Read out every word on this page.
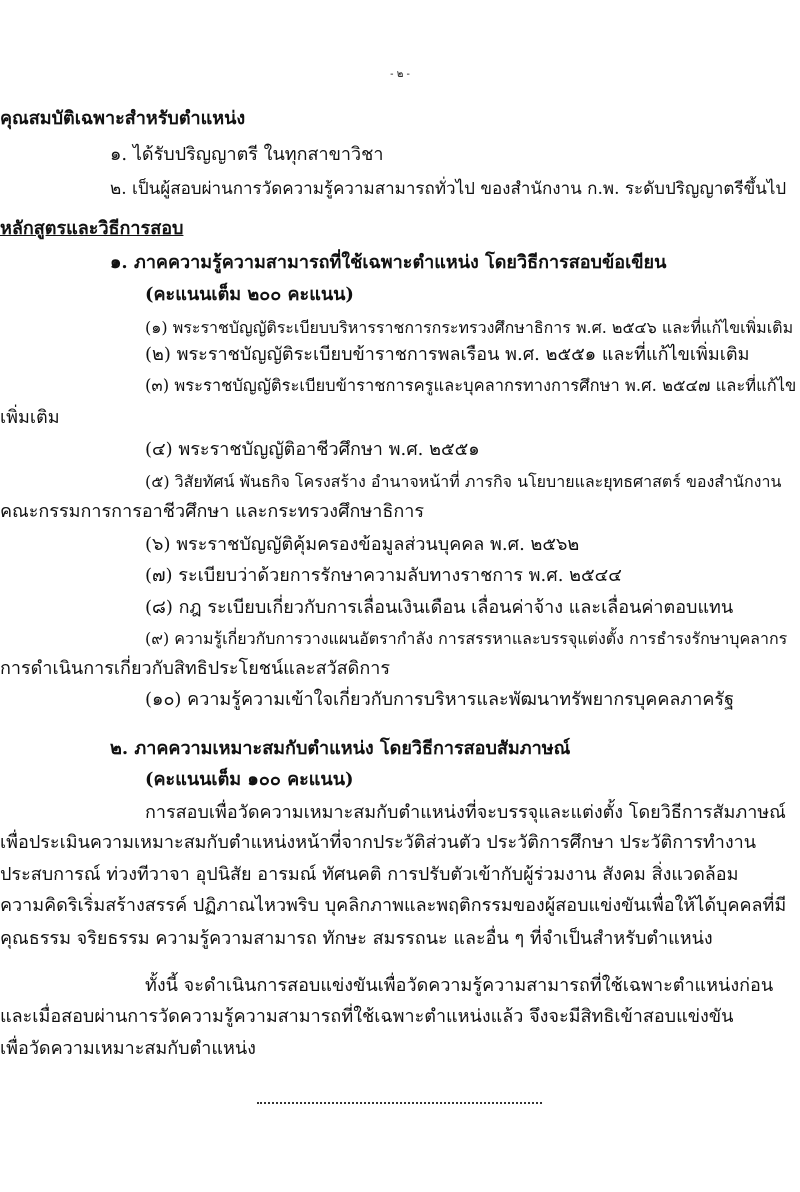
- ๒ -
คุณสมบัติเฉพาะสำหรับตำแหน่ง
๑. ได้รับปริญญาตรี ในทุกสาขาวิชา
๒. เป็นผู้สอบผ่านการวัดความรู้ความสามารถทั่วไป ของสำนักงาน ก.พ. ระดับปริญญาตรีขึ้นไป
หลักสูตรและวิธีการสอบ
๑. ภาคความรู้ความสามารถที่ใช้เฉพาะตำแหน่ง โดยวิธีการสอบข้อเขียน
(คะแนนเต็ม ๒๐๐ คะแนน)
(๑) พระราชบัญญัติระเบียบบริหารราชการกระทรวงศึกษาธิการ พ.ศ. ๒๕๔๖ และที่แก้ไขเพิ่มเติม
(๒) พระราชบัญญัติระเบียบข้าราชการพลเรือน พ.ศ. ๒๕๕๑ และที่แก้ไขเพิ่มเติม
(๓) พระราชบัญญัติระเบียบข้าราชการครูและบุคลากรทางการศึกษา พ.ศ. ๒๕๔๗ และที่แก้ไข
เพิ่มเติม
(๔) พระราชบัญญัติอาชีวศึกษา พ.ศ. ๒๕๕๑
(๕) วิสัยทัศน์ พันธกิจ โครงสร้าง อำนาจหน้าที่ ภารกิจ นโยบายและยุทธศาสตร์ ของสำนักงาน
คณะกรรมการการอาชีวศึกษา และกระทรวงศึกษาธิการ
(๖) พระราชบัญญัติคุ้มครองข้อมูลส่วนบุคคล พ.ศ. ๒๕๖๒
(๗) ระเบียบว่าด้วยการรักษาความลับทางราชการ พ.ศ. ๒๕๔๔
(๘) กฎ ระเบียบเกี่ยวกับการเลื่อนเงินเดือน เลื่อนค่าจ้าง และเลื่อนค่าตอบแทน
(๙) ความรู้เกี่ยวกับการวางแผนอัตรากำลัง การสรรหาและบรรจุแต่งตั้ง การธำรงรักษาบุคลากร
การดำเนินการเกี่ยวกับสิทธิประโยชน์และสวัสดิการ
(๑๐) ความรู้ความเข้าใจเกี่ยวกับการบริหารและพัฒนาทรัพยากรบุคคลภาครัฐ
๒. ภาคความเหมาะสมกับตำแหน่ง โดยวิธีการสอบสัมภาษณ์
(คะแนนเต็ม ๑๐๐ คะแนน)
การสอบเพื่อวัดความเหมาะสมกับตำแหน่งที่จะบรรจุและแต่งตั้ง โดยวิธีการสัมภาษณ์
เพื่อประเมินความเหมาะสมกับตำแหน่งหน้าที่จากประวัติส่วนตัว ประวัติการศึกษา ประวัติการทำงาน
ประสบการณ์ ท่วงทีวาจา อุปนิสัย อารมณ์ ทัศนคติ การปรับตัวเข้ากับผู้ร่วมงาน สังคม สิ่งแวดล้อม
ความคิดริเริ่มสร้างสรรค์ ปฏิภาณไหวพริบ บุคลิกภาพและพฤติกรรมของผู้สอบแข่งขันเพื่อให้ได้บุคคลที่มี
คุณธรรม จริยธรรม ความรู้ความสามารถ ทักษะ สมรรถนะ และอื่น ๆ ที่จำเป็นสำหรับตำแหน่ง
ทั้งนี้ จะดำเนินการสอบแข่งขันเพื่อวัดความรู้ความสามารถที่ใช้เฉพาะตำแหน่งก่อน
และเมื่อสอบผ่านการวัดความรู้ความสามารถที่ใช้เฉพาะตำแหน่งแล้ว จึงจะมีสิทธิเข้าสอบแข่งขัน
เพื่อวัดความเหมาะสมกับตำแหน่ง
